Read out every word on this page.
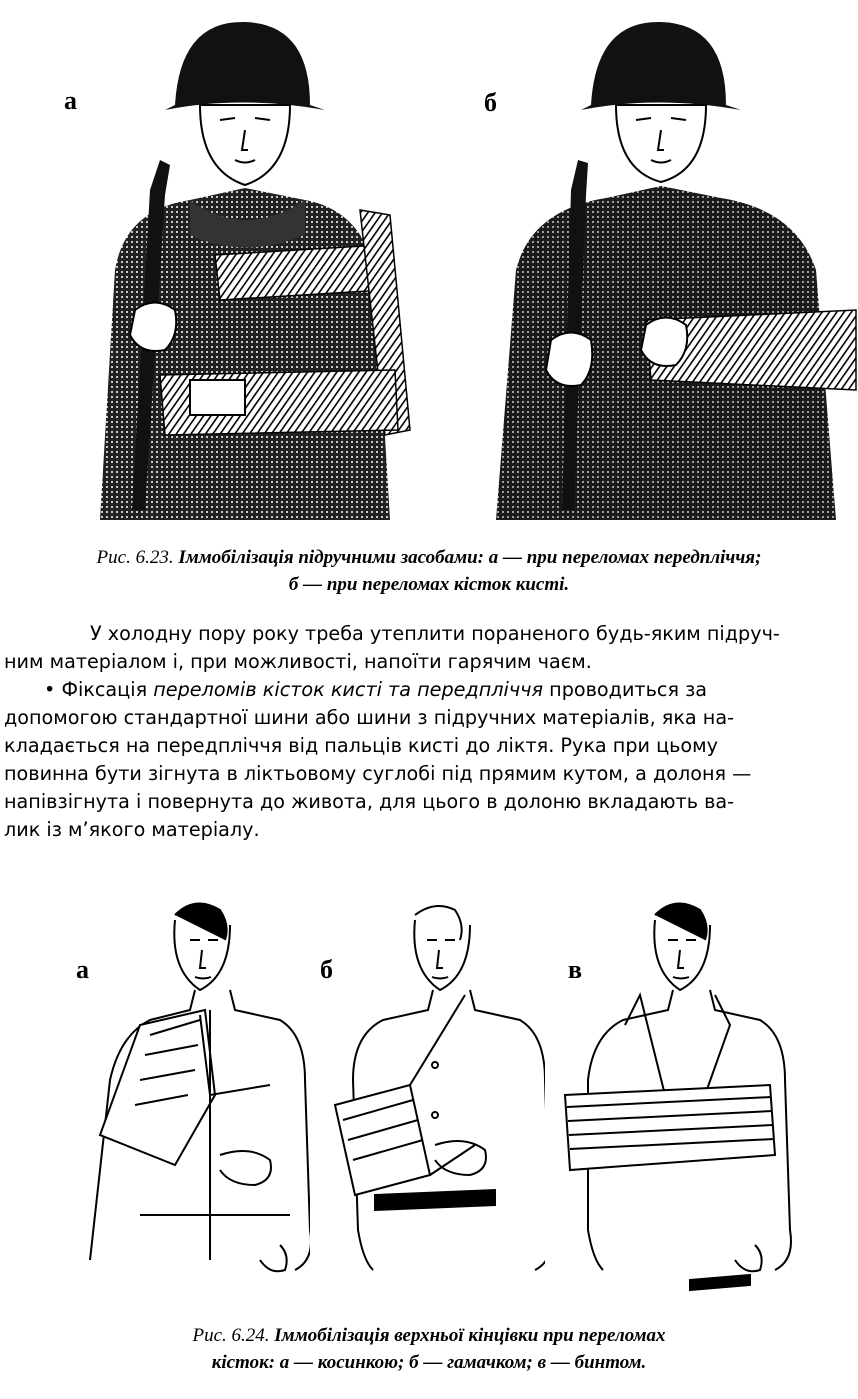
а	б
Рис. 6.23. Іммобілізація підручними засобами: а — при переломах передпліччя;
б — при переломах кісток кисті.

У холодну пору року треба утеплити пораненого будь-яким підруч-

ним матеріалом і, при можливості, напоїти гарячим чаєм.

• Фіксація переломів кісток кисті та передпліччя проводиться за

допомогою стандартної шини або шини з підручних матеріалів, яка на-

кладається на передпліччя від пальців кисті до ліктя. Рука при цьому

повинна бути зігнута в ліктьовому суглобі під прямим кутом, а долоня —

напівзігнута і повернута до живота, для цього в долоню вкладають ва-

лик із м’якого матеріалу.

а	б	в
Рис. 6.24. Іммобілізація верхньої кінцівки при переломах
кісток: а — косинкою; б — гамачком; в — бинтом.
